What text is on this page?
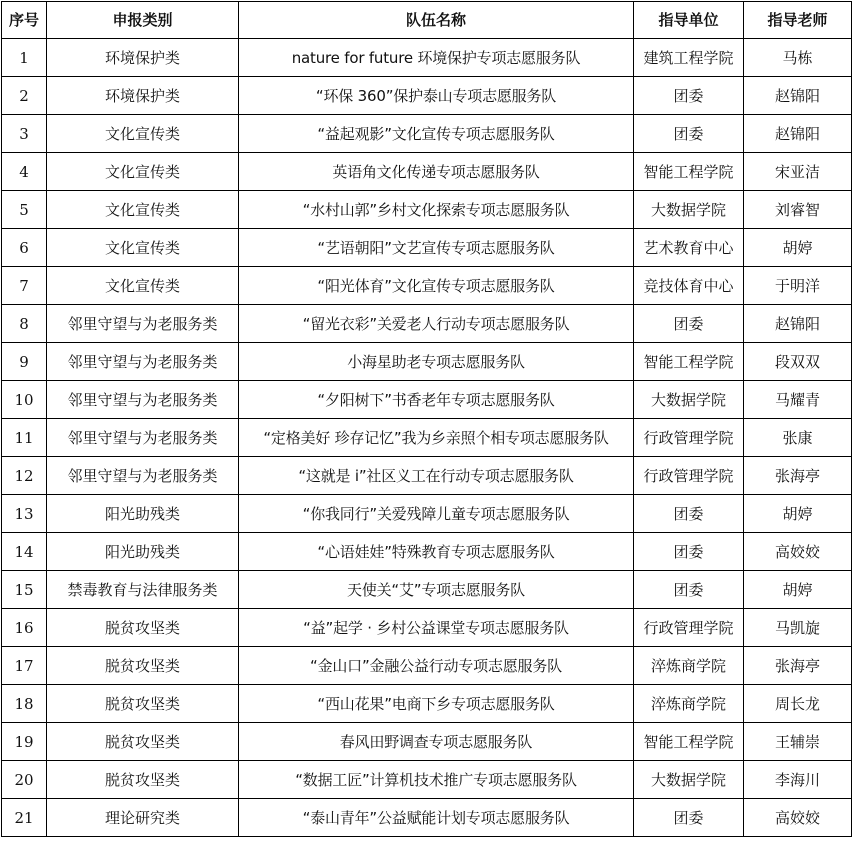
序号	申报类别	队伍名称	指导单位	指导老师
1	环境保护类	nature for future 环境保护专项志愿服务队	建筑工程学院	马栋
2	环境保护类	“环保 360”保护泰山专项志愿服务队	团委	赵锦阳
3	文化宣传类	“益起观影”文化宣传专项志愿服务队	团委	赵锦阳
4	文化宣传类	英语角文化传递专项志愿服务队	智能工程学院	宋亚洁
5	文化宣传类	“水村山郭”乡村文化探索专项志愿服务队	大数据学院	刘睿智
6	文化宣传类	“艺语朝阳”文艺宣传专项志愿服务队	艺术教育中心	胡婷
7	文化宣传类	“阳光体育”文化宣传专项志愿服务队	竞技体育中心	于明洋
8	邻里守望与为老服务类	“留光衣彩”关爱老人行动专项志愿服务队	团委	赵锦阳
9	邻里守望与为老服务类	小海星助老专项志愿服务队	智能工程学院	段双双
10	邻里守望与为老服务类	“夕阳树下”书香老年专项志愿服务队	大数据学院	马耀青
11	邻里守望与为老服务类	“定格美好 珍存记忆”我为乡亲照个相专项志愿服务队	行政管理学院	张康
12	邻里守望与为老服务类	“这就是 i”社区义工在行动专项志愿服务队	行政管理学院	张海亭
13	阳光助残类	“你我同行”关爱残障儿童专项志愿服务队	团委	胡婷
14	阳光助残类	“心语娃娃”特殊教育专项志愿服务队	团委	高姣姣
15	禁毒教育与法律服务类	天使关“艾”专项志愿服务队	团委	胡婷
16	脱贫攻坚类	“益”起学 · 乡村公益课堂专项志愿服务队	行政管理学院	马凯旋
17	脱贫攻坚类	“金山口”金融公益行动专项志愿服务队	淬炼商学院	张海亭
18	脱贫攻坚类	“西山花果”电商下乡专项志愿服务队	淬炼商学院	周长龙
19	脱贫攻坚类	春风田野调查专项志愿服务队	智能工程学院	王辅崇
20	脱贫攻坚类	“数据工匠”计算机技术推广专项志愿服务队	大数据学院	李海川
21	理论研究类	“泰山青年”公益赋能计划专项志愿服务队	团委	高姣姣
